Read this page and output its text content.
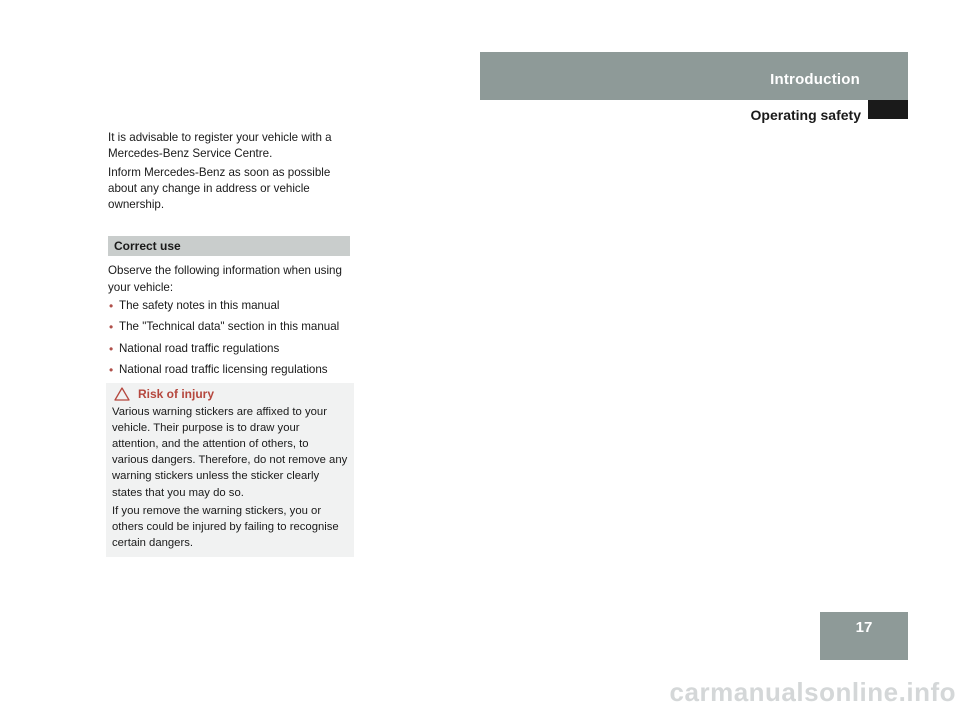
Introduction
Operating safety

It is advisable to register your vehicle with a Mercedes-Benz Service Centre.

Inform Mercedes-Benz as soon as possible about any change in address or vehicle ownership.

Correct use

Observe the following information when using your vehicle:

• The safety notes in this manual
• The "Technical data" section in this manual
• National road traffic regulations
• National road traffic licensing regulations
Risk of injury

Various warning stickers are affixed to your vehicle. Their purpose is to draw your attention, and the attention of others, to various dangers. Therefore, do not remove any warning stickers unless the sticker clearly states that you may do so.

If you remove the warning stickers, you or others could be injured by failing to recognise certain dangers.

17
carmanualsonline.info
